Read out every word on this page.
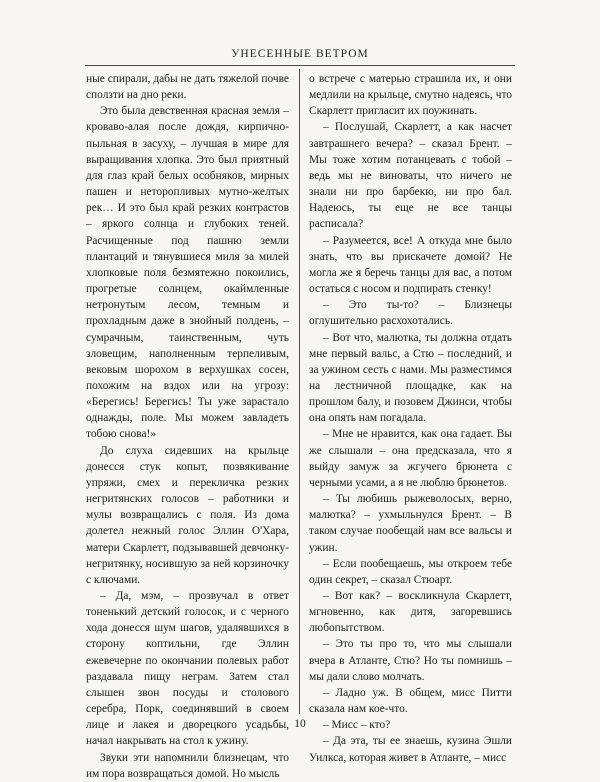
УНЕСЕННЫЕ ВЕТРОМ

ные спирали, дабы не дать тяжелой почве сползти на дно реки.

Это была девственная красная земля – кроваво-алая после дождя, кирпично-пыльная в засуху, – лучшая в мире для выращивания хлопка. Это был приятный для глаз край белых особняков, мирных пашен и неторопливых мутно-желтых рек… И это был край резких контрастов – яркого солнца и глубоких теней. Расчищенные под пашню земли плантаций и тянувшиеся миля за милей хлопковые поля безмятежно покоились, прогретые солнцем, окаймленные нетронутым лесом, темным и прохладным даже в знойный полдень, – сумрачным, таинственным, чуть зловещим, наполненным терпеливым, вековым шорохом в верхушках сосен, похожим на вздох или на угрозу: «Берегись! Берегись! Ты уже зарастало однажды, поле. Мы можем завладеть тобою снова!»

До слуха сидевших на крыльце донесся стук копыт, позвякивание упряжи, смех и перекличка резких негритянских голосов – работники и мулы возвращались с поля. Из дома долетел нежный голос Эллин О'Хара, матери Скарлетт, подзывавшей девчонку-негритянку, носившую за ней корзиночку с ключами.

– Да, мэм, – прозвучал в ответ тоненький детский голосок, и с черного хода донесся шум шагов, удалявшихся в сторону коптильни, где Эллин ежевечерне по окончании полевых работ раздавала пищу неграм. Затем стал слышен звон посуды и столового серебра, Порк, соединявший в своем лице и лакея и дворецкого усадьбы, начал накрывать на стол к ужину.

Звуки эти напомнили близнецам, что им пора возвращаться домой. Но мысль

о встрече с матерью страшила их, и они медлили на крыльце, смутно надеясь, что Скарлетт пригласит их поужинать.

– Послушай, Скарлетт, а как насчет завтрашнего вечера? – сказал Брент. – Мы тоже хотим потанцевать с тобой – ведь мы не виноваты, что ничего не знали ни про барбекю, ни про бал. Надеюсь, ты еще не все танцы расписала?

– Разумеется, все! А откуда мне было знать, что вы прискачете домой? Не могла же я беречь танцы для вас, а потом остаться с носом и подпирать стенку!

– Это ты-то? – Близнецы оглушительно расхохотались.

– Вот что, малютка, ты должна отдать мне первый вальс, а Стю – последний, и за ужином сесть с нами. Мы разместимся на лестничной площадке, как на прошлом балу, и позовем Джинси, чтобы она опять нам погадала.

– Мне не нравится, как она гадает. Вы же слышали – она предсказала, что я выйду замуж за жгучего брюнета с черными усами, а я не люблю брюнетов.

– Ты любишь рыжеволосых, верно, малютка? – ухмыльнулся Брент. – В таком случае пообещай нам все вальсы и ужин.

– Если пообещаешь, мы откроем тебе один секрет, – сказал Стюарт.

– Вот как? – воскликнула Скарлетт, мгновенно, как дитя, загоревшись любопытством.

– Это ты про то, что мы слышали вчера в Атланте, Стю? Но ты помнишь – мы дали слово молчать.

– Ладно уж. В общем, мисс Питти сказала нам кое-что.

– Мисс – кто?

– Да эта, ты ее знаешь, кузина Эшли Уилкса, которая живет в Атланте, – мисс

10
